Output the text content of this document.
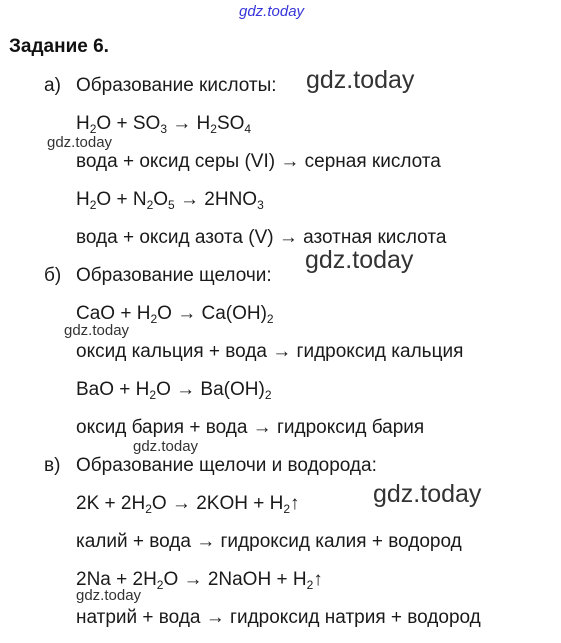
gdz.today
Задание 6.
а) Образование кислоты: gdz.today
$H_2O + SO_3 \to H_2SO_4$
gdz.today
вода + оксид серы (VI) → серная кислота
$H_2O + N_2O_5 \to 2HNO_3$
вода + оксид азота (V) → азотная кислота
б) Образование щелочи:
gdz.today
CaO + $H_2O \to Ca(OH)_2$
gdz.today
оксид кальция + вода → гидроксид кальция
BaO + $H_2O \to Ba(OH)_2$
оксид бария + вода → гидроксид бария
gdz.today
в) Образование щелочи и водорода:
$2K + 2H_2O \to 2KOH$ + $H_2↑$	gdz.today
калий + вода → гидроксид калия + водород
$2Na + 2H_2O$ → 2NaOH + $H_2↑$
gdz.today
натрий + вода → гидроксид натрия + водород
